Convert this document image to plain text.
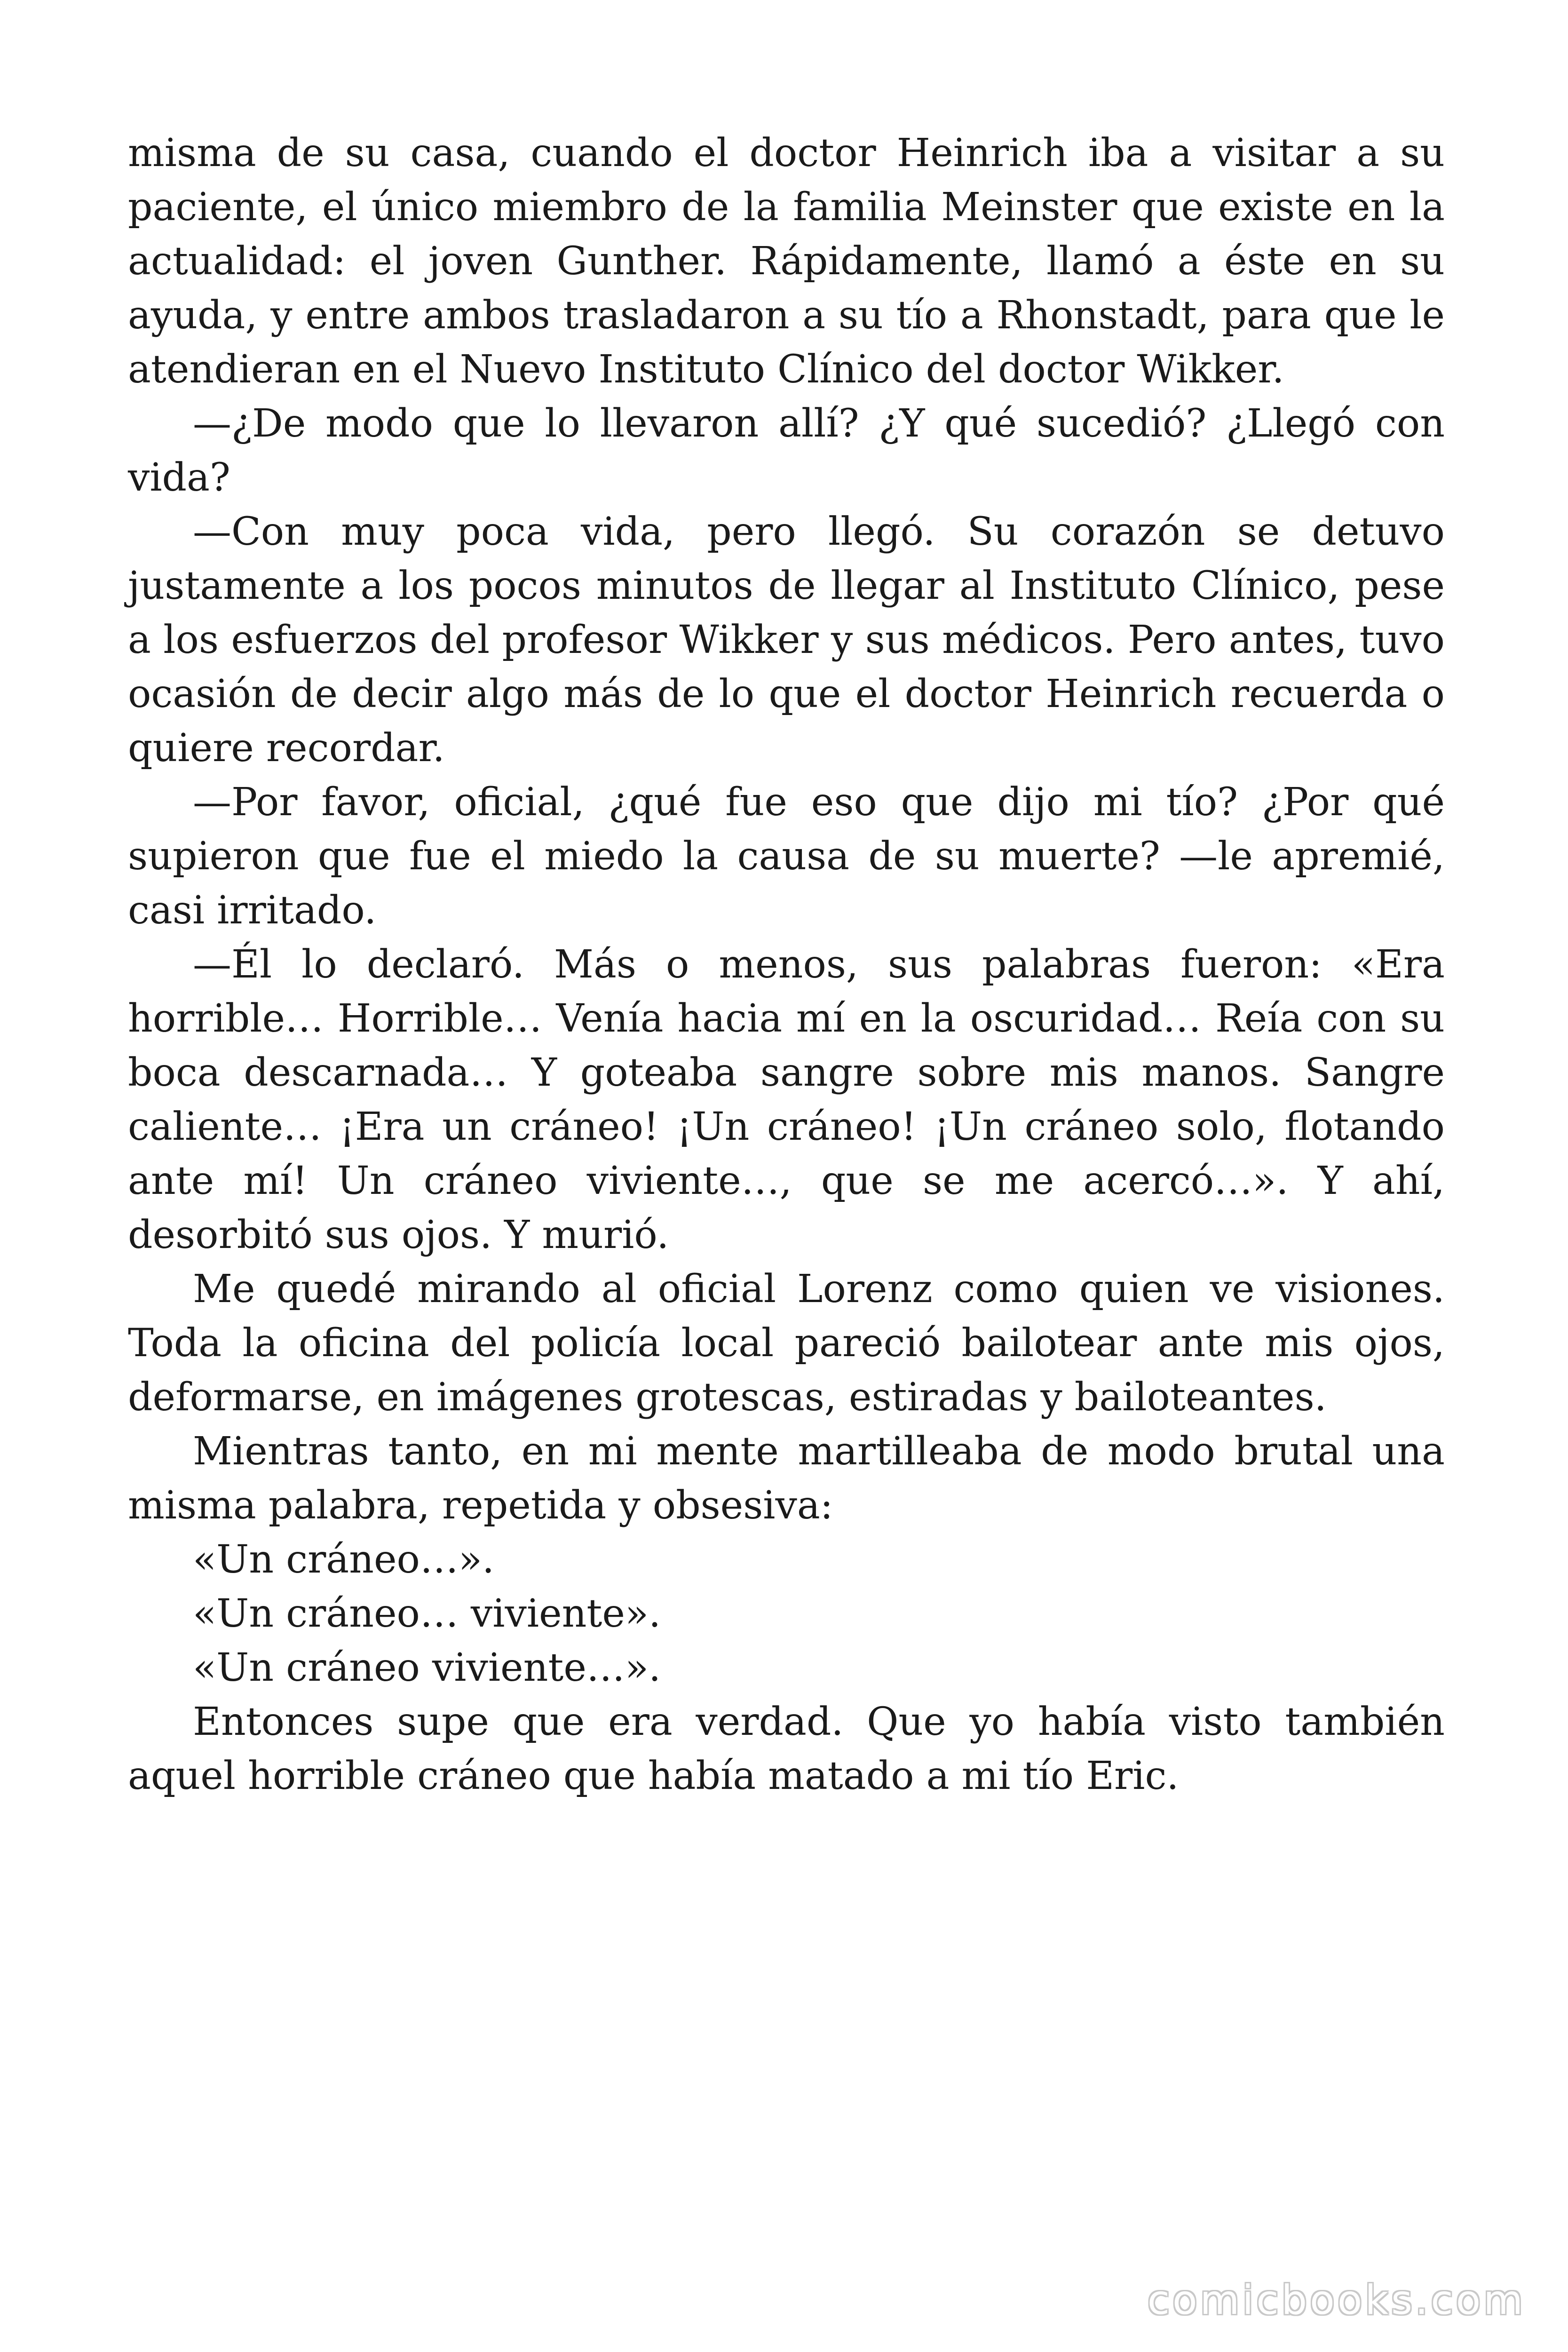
misma de su casa, cuando el doctor Heinrich iba a visitar a su paciente, el único miembro de la familia Meinster que existe en la actualidad: el joven Gunther. Rápidamente, llamó a éste en su ayuda, y entre ambos trasladaron a su tío a Rhonstadt, para que le atendieran en el Nuevo Instituto Clínico del doctor Wikker.

—¿De modo que lo llevaron allí? ¿Y qué sucedió? ¿Llegó con vida?

—Con muy poca vida, pero llegó. Su corazón se detuvo justamente a los pocos minutos de llegar al Instituto Clínico, pese a los esfuerzos del profesor Wikker y sus médicos. Pero antes, tuvo ocasión de decir algo más de lo que el doctor Heinrich recuerda o quiere recordar.

—Por favor, oficial, ¿qué fue eso que dijo mi tío? ¿Por qué supieron que fue el miedo la causa de su muerte? —le apremié, casi irritado.

—Él lo declaró. Más o menos, sus palabras fueron: «Era horrible… Horrible… Venía hacia mí en la oscuridad… Reía con su boca descarnada… Y goteaba sangre sobre mis manos. Sangre caliente… ¡Era un cráneo! ¡Un cráneo! ¡Un cráneo solo, flotando ante mí! Un cráneo viviente…, que se me acercó…». Y ahí, desorbitó sus ojos. Y murió.

Me quedé mirando al oficial Lorenz como quien ve visiones. Toda la oficina del policía local pareció bailotear ante mis ojos, deformarse, en imágenes grotescas, estiradas y bailoteantes.

Mientras tanto, en mi mente martilleaba de modo brutal una misma palabra, repetida y obsesiva:

«Un cráneo…».

«Un cráneo… viviente».

«Un cráneo viviente…».

Entonces supe que era verdad. Que yo había visto también aquel horrible cráneo que había matado a mi tío Eric.

comicbooks.com
